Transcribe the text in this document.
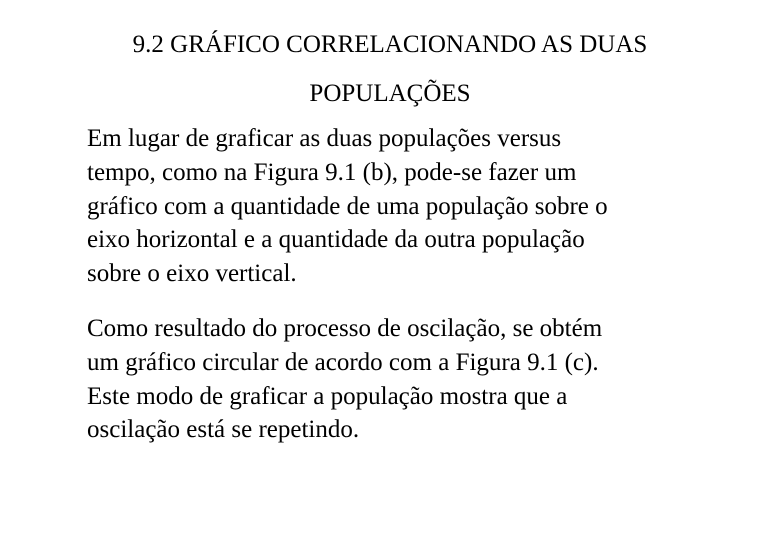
9.2 GRÁFICO CORRELACIONANDO AS DUAS
POPULAÇÕES

Em lugar de graficar as duas populações versus
tempo, como na Figura 9.1 (b), pode-se fazer um
gráfico com a quantidade de uma população sobre o
eixo horizontal e a quantidade da outra população
sobre o eixo vertical.

Como resultado do processo de oscilação, se obtém
um gráfico circular de acordo com a Figura 9.1 (c).
Este modo de graficar a população mostra que a
oscilação está se repetindo.
